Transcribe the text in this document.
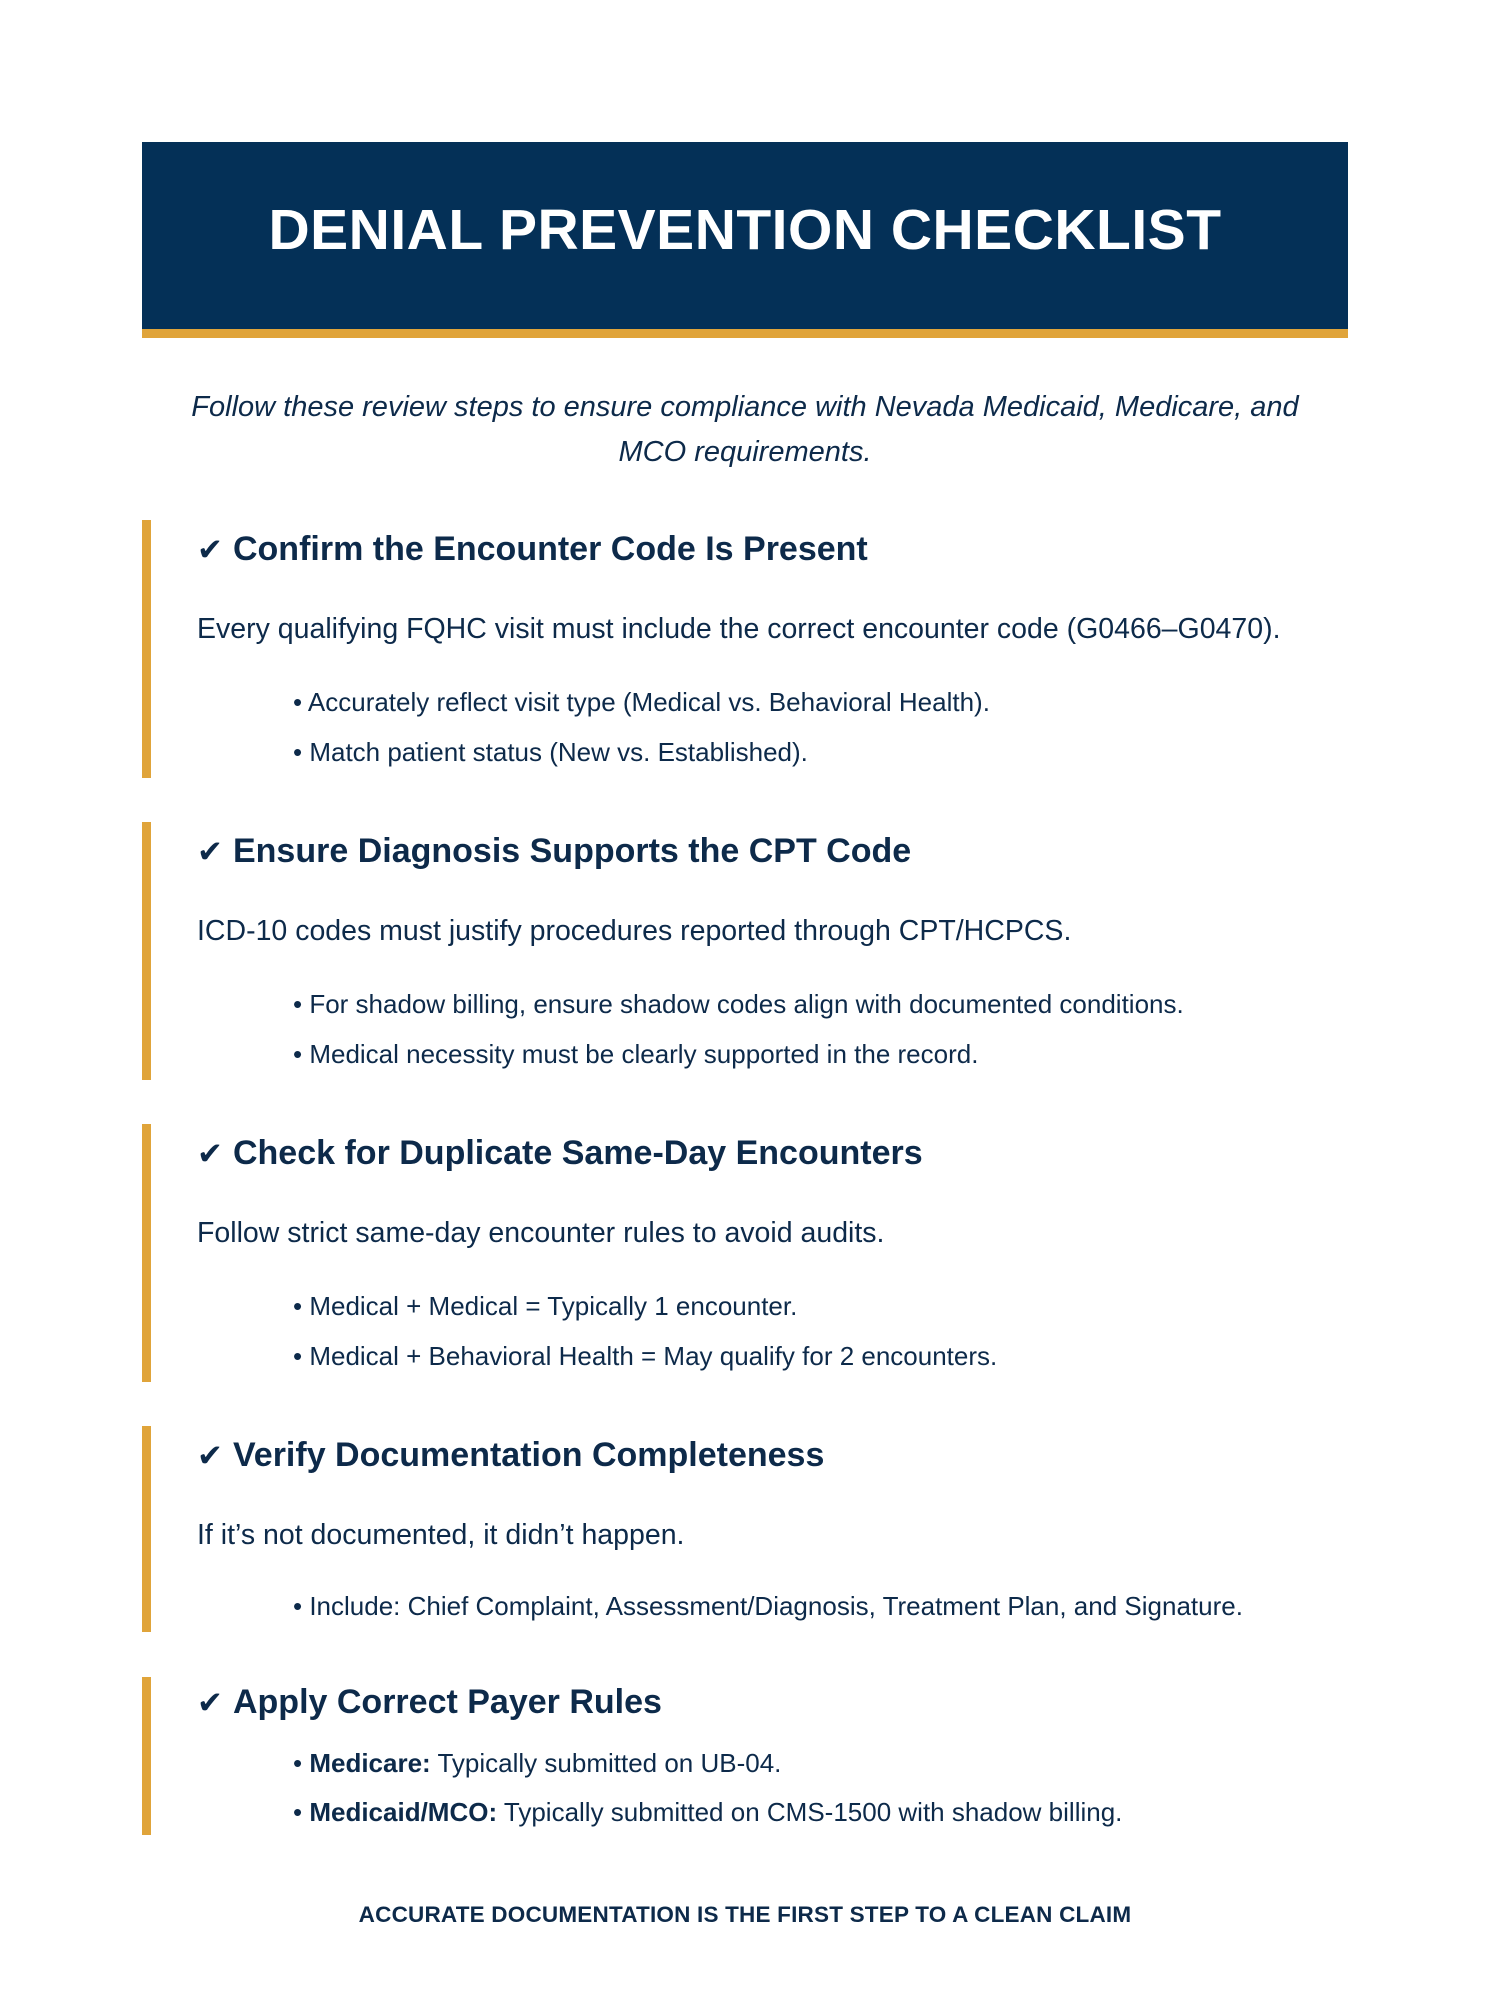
DENIAL PREVENTION CHECKLIST
Follow these review steps to ensure compliance with Nevada Medicaid, Medicare, and
MCO requirements.
✔ Confirm the Encounter Code Is Present
Every qualifying FQHC visit must include the correct encounter code (G0466–G0470).
• Accurately reflect visit type (Medical vs. Behavioral Health).
• Match patient status (New vs. Established).
✔ Ensure Diagnosis Supports the CPT Code
ICD-10 codes must justify procedures reported through CPT/HCPCS.
• For shadow billing, ensure shadow codes align with documented conditions.
• Medical necessity must be clearly supported in the record.
✔ Check for Duplicate Same-Day Encounters
Follow strict same-day encounter rules to avoid audits.
• Medical + Medical = Typically 1 encounter.
• Medical + Behavioral Health = May qualify for 2 encounters.
✔ Verify Documentation Completeness
If it’s not documented, it didn’t happen.
• Include: Chief Complaint, Assessment/Diagnosis, Treatment Plan, and Signature.
✔ Apply Correct Payer Rules
• Medicare: Typically submitted on UB-04.
• Medicaid/MCO: Typically submitted on CMS-1500 with shadow billing.
ACCURATE DOCUMENTATION IS THE FIRST STEP TO A CLEAN CLAIM
